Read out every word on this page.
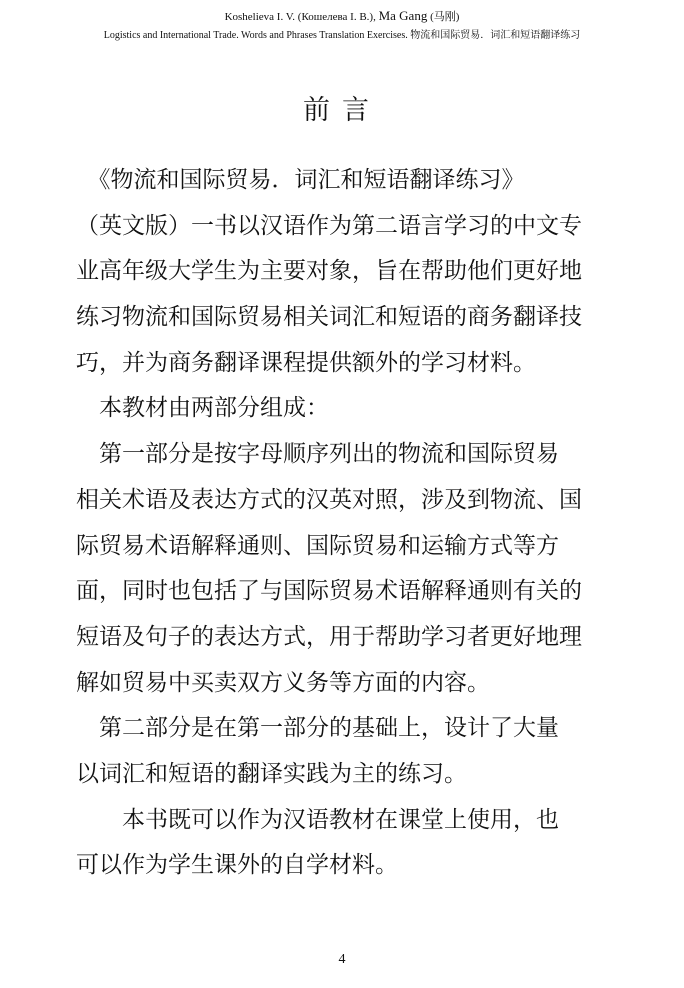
Koshelieva I. V. (Кошелева I. B.), Ma Gang (马刚)
Logistics and International Trade. Words and Phrases Translation Exercises. 物流和国际贸易．词汇和短语翻译练习
前言
　《物流和国际贸易．词汇和短语翻译练习》
（英文版）一书以汉语作为第二语言学习的中文专
业高年级大学生为主要对象，旨在帮助他们更好地
练习物流和国际贸易相关词汇和短语的商务翻译技
巧，并为商务翻译课程提供额外的学习材料。
　本教材由两部分组成：
　第一部分是按字母顺序列出的物流和国际贸易
相关术语及表达方式的汉英对照，涉及到物流、国
际贸易术语解释通则、国际贸易和运输方式等方
面，同时也包括了与国际贸易术语解释通则有关的
短语及句子的表达方式，用于帮助学习者更好地理
解如贸易中买卖双方义务等方面的内容。
　第二部分是在第一部分的基础上，设计了大量
以词汇和短语的翻译实践为主的练习。
　　本书既可以作为汉语教材在课堂上使用，也
可以作为学生课外的自学材料。
4
